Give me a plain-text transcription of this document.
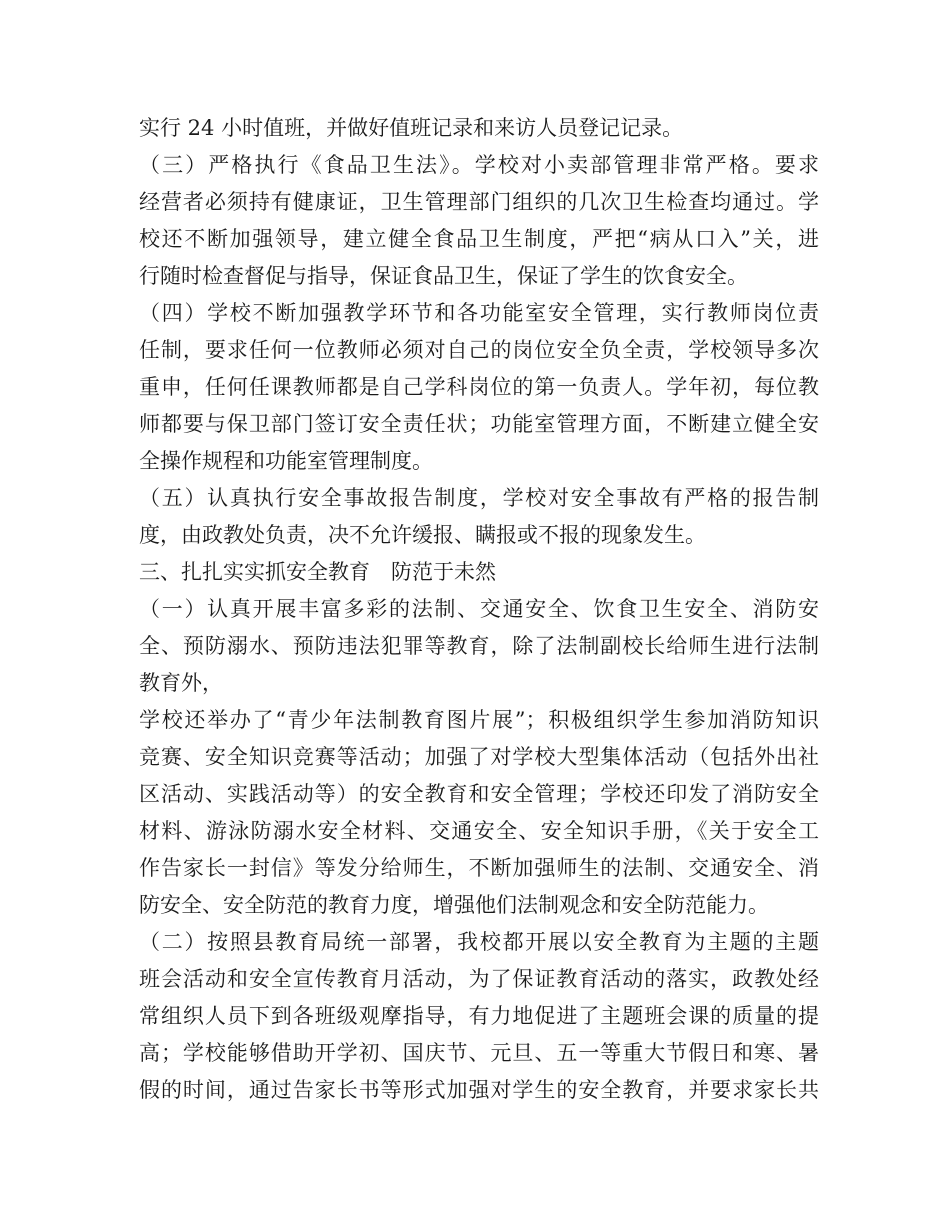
实行 24 小时值班，并做好值班记录和来访人员登记记录。
（三）严格执行《食品卫生法》。学校对小卖部管理非常严格。要求
经营者必须持有健康证，卫生管理部门组织的几次卫生检查均通过。学
校还不断加强领导，建立健全食品卫生制度，严把“病从口入”关，进
行随时检查督促与指导，保证食品卫生，保证了学生的饮食安全。
（四）学校不断加强教学环节和各功能室安全管理，实行教师岗位责
任制，要求任何一位教师必须对自己的岗位安全负全责，学校领导多次
重申，任何任课教师都是自己学科岗位的第一负责人。学年初，每位教
师都要与保卫部门签订安全责任状；功能室管理方面，不断建立健全安
全操作规程和功能室管理制度。
（五）认真执行安全事故报告制度，学校对安全事故有严格的报告制
度，由政教处负责，决不允许缓报、瞒报或不报的现象发生。
三、扎扎实实抓安全教育　防范于未然
（一）认真开展丰富多彩的法制、交通安全、饮食卫生安全、消防安
全、预防溺水、预防违法犯罪等教育，除了法制副校长给师生进行法制
教育外，
学校还举办了“青少年法制教育图片展”；积极组织学生参加消防知识
竞赛、安全知识竞赛等活动；加强了对学校大型集体活动（包括外出社
区活动、实践活动等）的安全教育和安全管理；学校还印发了消防安全
材料、游泳防溺水安全材料、交通安全、安全知识手册，《关于安全工
作告家长一封信》等发分给师生，不断加强师生的法制、交通安全、消
防安全、安全防范的教育力度，增强他们法制观念和安全防范能力。
（二）按照县教育局统一部署，我校都开展以安全教育为主题的主题
班会活动和安全宣传教育月活动，为了保证教育活动的落实，政教处经
常组织人员下到各班级观摩指导，有力地促进了主题班会课的质量的提
高；学校能够借助开学初、国庆节、元旦、五一等重大节假日和寒、暑
假的时间，通过告家长书等形式加强对学生的安全教育，并要求家长共
